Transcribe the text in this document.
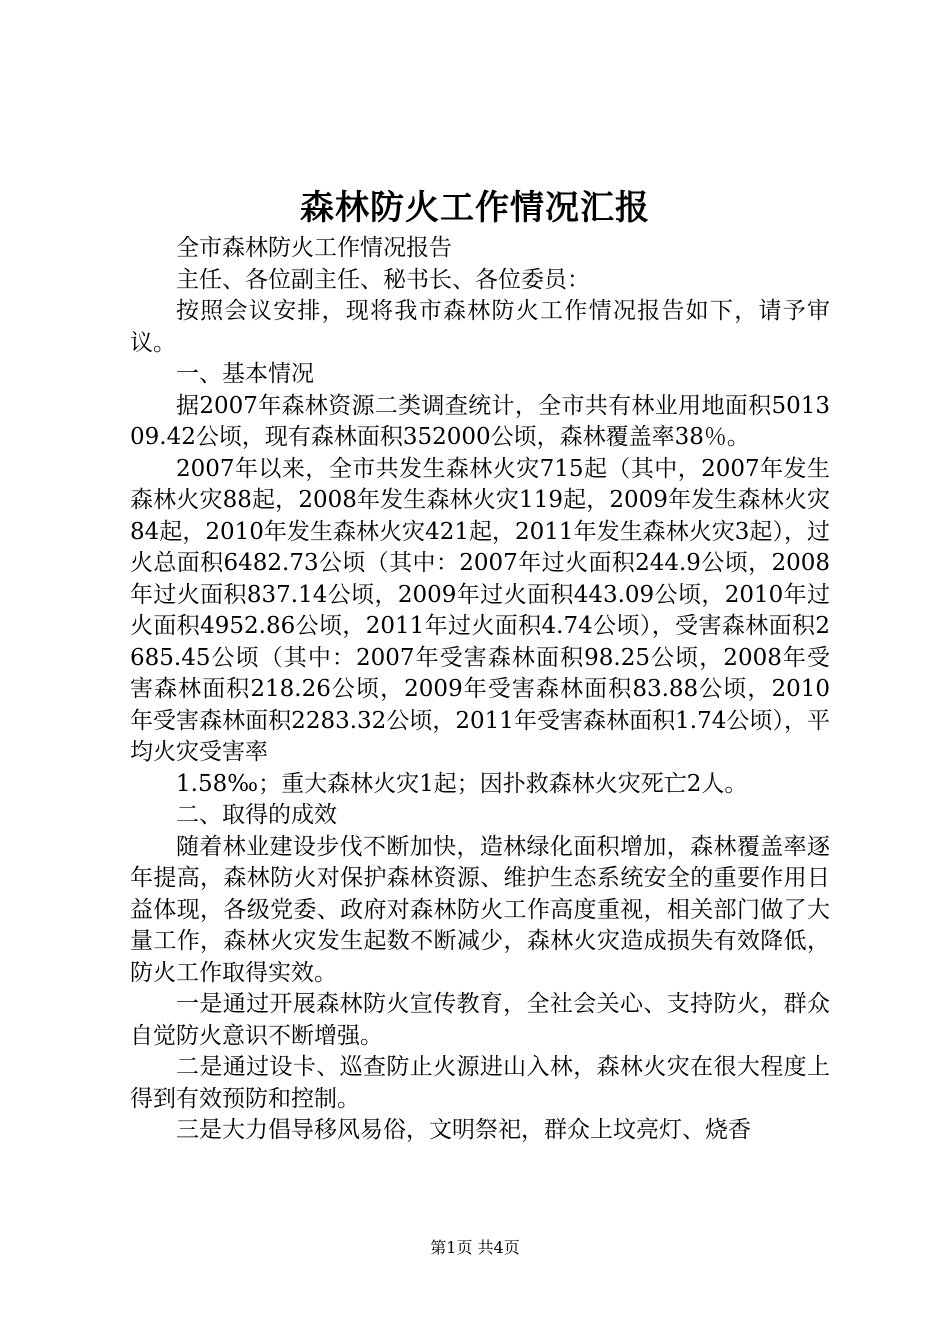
森林防火工作情况汇报

全市森林防火工作情况报告

主任、各位副主任、秘书长、各位委员：

按照会议安排，现将我市森林防火工作情况报告如下，请予审议。

一、基本情况

据2007年森林资源二类调查统计，全市共有林业用地面积501309.42公顷，现有森林面积352000公顷，森林覆盖率38％。

2007年以来，全市共发生森林火灾715起（其中，2007年发生森林火灾88起，2008年发生森林火灾119起，2009年发生森林火灾84起，2010年发生森林火灾421起，2011年发生森林火灾3起），过火总面积6482.73公顷（其中：2007年过火面积244.9公顷，2008年过火面积837.14公顷，2009年过火面积443.09公顷，2010年过火面积4952.86公顷，2011年过火面积4.74公顷），受害森林面积2685.45公顷（其中：2007年受害森林面积98.25公顷，2008年受害森林面积218.26公顷，2009年受害森林面积83.88公顷，2010年受害森林面积2283.32公顷，2011年受害森林面积1.74公顷），平均火灾受害率

1.58‰；重大森林火灾1起；因扑救森林火灾死亡2人。

二、取得的成效

随着林业建设步伐不断加快，造林绿化面积增加，森林覆盖率逐年提高，森林防火对保护森林资源、维护生态系统安全的重要作用日益体现，各级党委、政府对森林防火工作高度重视，相关部门做了大量工作，森林火灾发生起数不断减少，森林火灾造成损失有效降低，防火工作取得实效。

一是通过开展森林防火宣传教育，全社会关心、支持防火，群众自觉防火意识不断增强。

二是通过设卡、巡查防止火源进山入林，森林火灾在很大程度上得到有效预防和控制。

三是大力倡导移风易俗，文明祭祀，群众上坟亮灯、烧香

第1页 共4页
